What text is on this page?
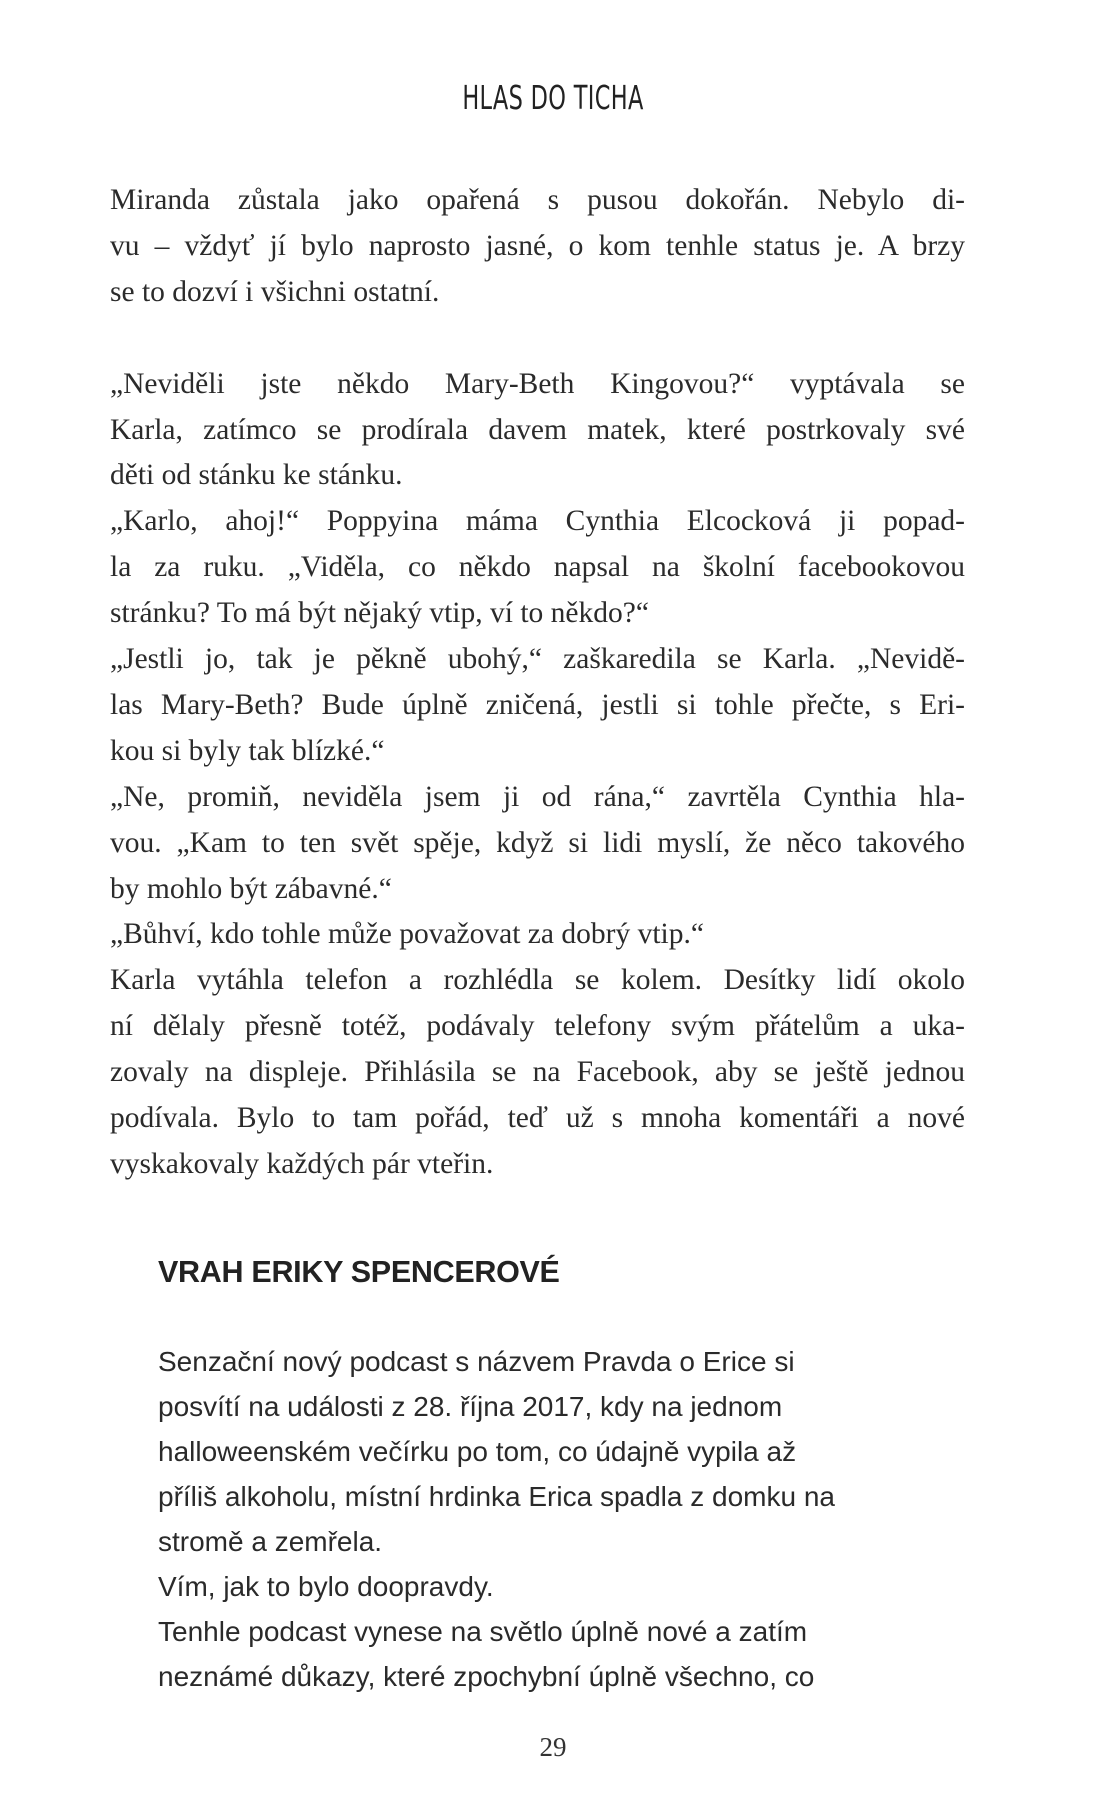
HLAS DO TICHA
Miranda zůstala jako opařená s pusou dokořán. Nebylo di-
vu – vždyť jí bylo naprosto jasné, o kom tenhle status je. A brzy
se to dozví i všichni ostatní.
„Neviděli jste někdo Mary-Beth Kingovou?“ vyptávala se
Karla, zatímco se prodírala davem matek, které postrkovaly své
děti od stánku ke stánku.
„Karlo, ahoj!“ Poppyina máma Cynthia Elcocková ji popad-
la za ruku. „Viděla, co někdo napsal na školní facebookovou
stránku? To má být nějaký vtip, ví to někdo?“
„Jestli jo, tak je pěkně ubohý,“ zaškaredila se Karla. „Nevidě-
las Mary-Beth? Bude úplně zničená, jestli si tohle přečte, s Eri-
kou si byly tak blízké.“
„Ne, promiň, neviděla jsem ji od rána,“ zavrtěla Cynthia hla-
vou. „Kam to ten svět spěje, když si lidi myslí, že něco takového
by mohlo být zábavné.“
„Bůhví, kdo tohle může považovat za dobrý vtip.“
Karla vytáhla telefon a rozhlédla se kolem. Desítky lidí okolo
ní dělaly přesně totéž, podávaly telefony svým přátelům a uka-
zovaly na displeje. Přihlásila se na Facebook, aby se ještě jednou
podívala. Bylo to tam pořád, teď už s mnoha komentáři a nové
vyskakovaly každých pár vteřin.
VRAH ERIKY SPENCEROVÉ
Senzační nový podcast s názvem Pravda o Erice si
posvítí na události z 28. října 2017, kdy na jednom
halloweenském večírku po tom, co údajně vypila až
příliš alkoholu, místní hrdinka Erica spadla z domku na
stromě a zemřela.
Vím, jak to bylo doopravdy.
Tenhle podcast vynese na světlo úplně nové a zatím
neznámé důkazy, které zpochybní úplně všechno, co
29
